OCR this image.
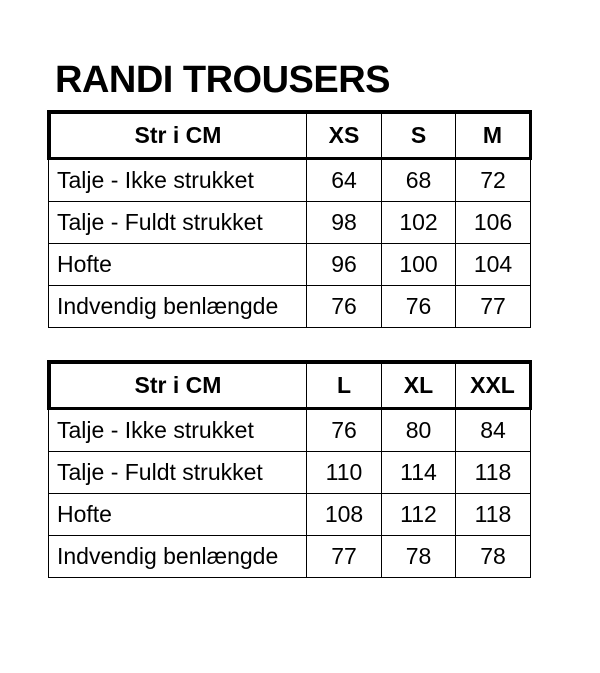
RANDI TROUSERS
Str i CM	XS	S	M
Talje - Ikke strukket	64	68	72
Talje - Fuldt strukket	98	102	106
Hofte	96	100	104
Indvendig benlængde	76	76	77
Str i CM	L	XL	XXL
Talje - Ikke strukket	76	80	84
Talje - Fuldt strukket	110	114	118
Hofte	108	112	118
Indvendig benlængde	77	78	78
